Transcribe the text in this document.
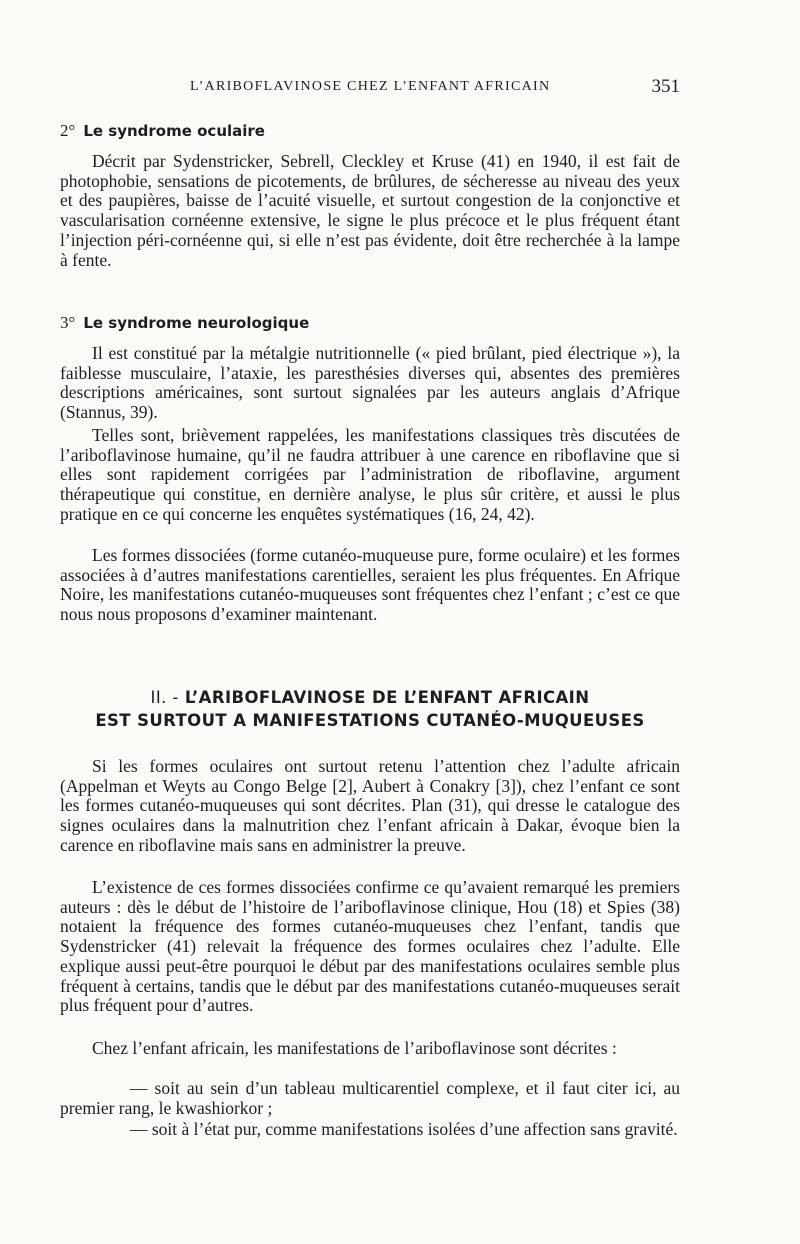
L’ARIBOFLAVINOSE CHEZ L’ENFANT AFRICAIN	351
2° Le syndrome oculaire

Décrit par Sydenstricker, Sebrell, Cleckley et Kruse (41) en 1940, il est fait de photophobie, sensations de picotements, de brûlures, de sécheresse au niveau des yeux et des paupières, baisse de l’acuité visuelle, et surtout congestion de la conjonctive et vascularisation cornéenne extensive, le signe le plus précoce et le plus fréquent étant l’injection péri-cornéenne qui, si elle n’est pas évidente, doit être recherchée à la lampe à fente.

3° Le syndrome neurologique

Il est constitué par la métalgie nutritionnelle (« pied brûlant, pied électrique »), la faiblesse musculaire, l’ataxie, les paresthésies diverses qui, absentes des premières descriptions américaines, sont surtout signalées par les auteurs anglais d’Afrique (Stannus, 39).

Telles sont, brièvement rappelées, les manifestations classiques très discutées de l’ariboflavinose humaine, qu’il ne faudra attribuer à une carence en riboflavine que si elles sont rapidement corrigées par l’administration de riboflavine, argument thérapeutique qui constitue, en dernière analyse, le plus sûr critère, et aussi le plus pratique en ce qui concerne les enquêtes systématiques (16, 24, 42).

Les formes dissociées (forme cutanéo-muqueuse pure, forme oculaire) et les formes associées à d’autres manifestations carentielles, seraient les plus fréquentes. En Afrique Noire, les manifestations cutanéo-muqueuses sont fréquentes chez l’enfant ; c’est ce que nous nous proposons d’examiner maintenant.

II. - L’ARIBOFLAVINOSE DE L’ENFANT AFRICAIN
EST SURTOUT A MANIFESTATIONS CUTANÉO-MUQUEUSES

Si les formes oculaires ont surtout retenu l’attention chez l’adulte africain (Appelman et Weyts au Congo Belge [2], Aubert à Conakry [3]), chez l’enfant ce sont les formes cutanéo-muqueuses qui sont décrites. Plan (31), qui dresse le catalogue des signes oculaires dans la malnutrition chez l’enfant africain à Dakar, évoque bien la carence en riboflavine mais sans en administrer la preuve.

L’existence de ces formes dissociées confirme ce qu’avaient remarqué les premiers auteurs : dès le début de l’histoire de l’ariboflavinose clinique, Hou (18) et Spies (38) notaient la fréquence des formes cutanéo-muqueuses chez l’enfant, tandis que Sydenstricker (41) relevait la fréquence des formes oculaires chez l’adulte. Elle explique aussi peut-être pourquoi le début par des manifestations oculaires semble plus fréquent à certains, tandis que le début par des manifestations cutanéo-muqueuses serait plus fréquent pour d’autres.

Chez l’enfant africain, les manifestations de l’ariboflavinose sont décrites :

— soit au sein d’un tableau multicarentiel complexe, et il faut citer ici, au premier rang, le kwashiorkor ;

— soit à l’état pur, comme manifestations isolées d’une affection sans gravité.
